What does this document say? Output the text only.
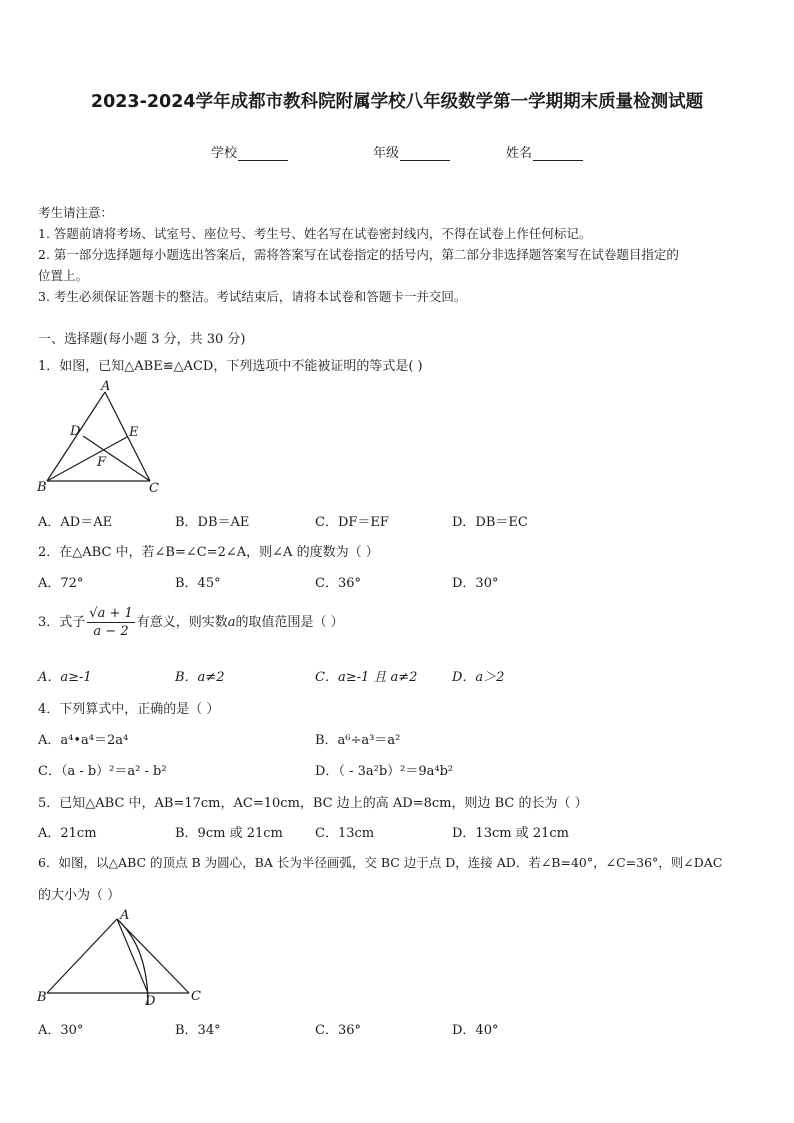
2023-2024学年成都市教科院附属学校八年级数学第一学期期末质量检测试题
学校	年级	姓名
考生请注意：
1. 答题前请将考场、试室号、座位号、考生号、姓名写在试卷密封线内，不得在试卷上作任何标记。
2. 第一部分选择题每小题选出答案后，需将答案写在试卷指定的括号内，第二部分非选择题答案写在试卷题目指定的
位置上。
3. 考生必须保证答题卡的整洁。考试结束后，请将本试卷和答题卡一并交回。
一、选择题(每小题 3 分，共 30 分)
1．如图，已知△ABE≌△ACD，下列选项中不能被证明的等式是( )
A
D	E
F
B	C
A．AD＝AE	B．DB＝AE	C．DF＝EF	D．DB＝EC
2．在△ABC 中，若∠B=∠C=2∠A，则∠A 的度数为（ ）
A．72°	B．45°	C．36°	D．30°
3．式子 $\frac{√a + 1}{a - 2}$ 有意义，则实数a的取值范围是（ ）
A．a≥-1	B．a≠2	C．a≥-1 且 a≠2	D．a＞2
4．下列算式中，正确的是（ ）
A．a⁴•a⁴＝2a⁴	B．a⁶÷a³＝a²
C．（a - b）²＝a² - b²	D．（ - 3a²b）²＝9a⁴b²
5．已知△ABC 中，AB=17cm，AC=10cm，BC 边上的高 AD=8cm，则边 BC 的长为（ ）
A．21cm	B．9cm 或 21cm C．13cm	D．13cm 或 21cm
6．如图，以△ABC 的顶点 B 为圆心，BA 长为半径画弧，交 BC 边于点 D，连接 AD．若∠B=40°，∠C=36°，则∠DAC
的大小为（ ）
A
B	D	C
A．30°	B．34°	C．36°	D．40°
